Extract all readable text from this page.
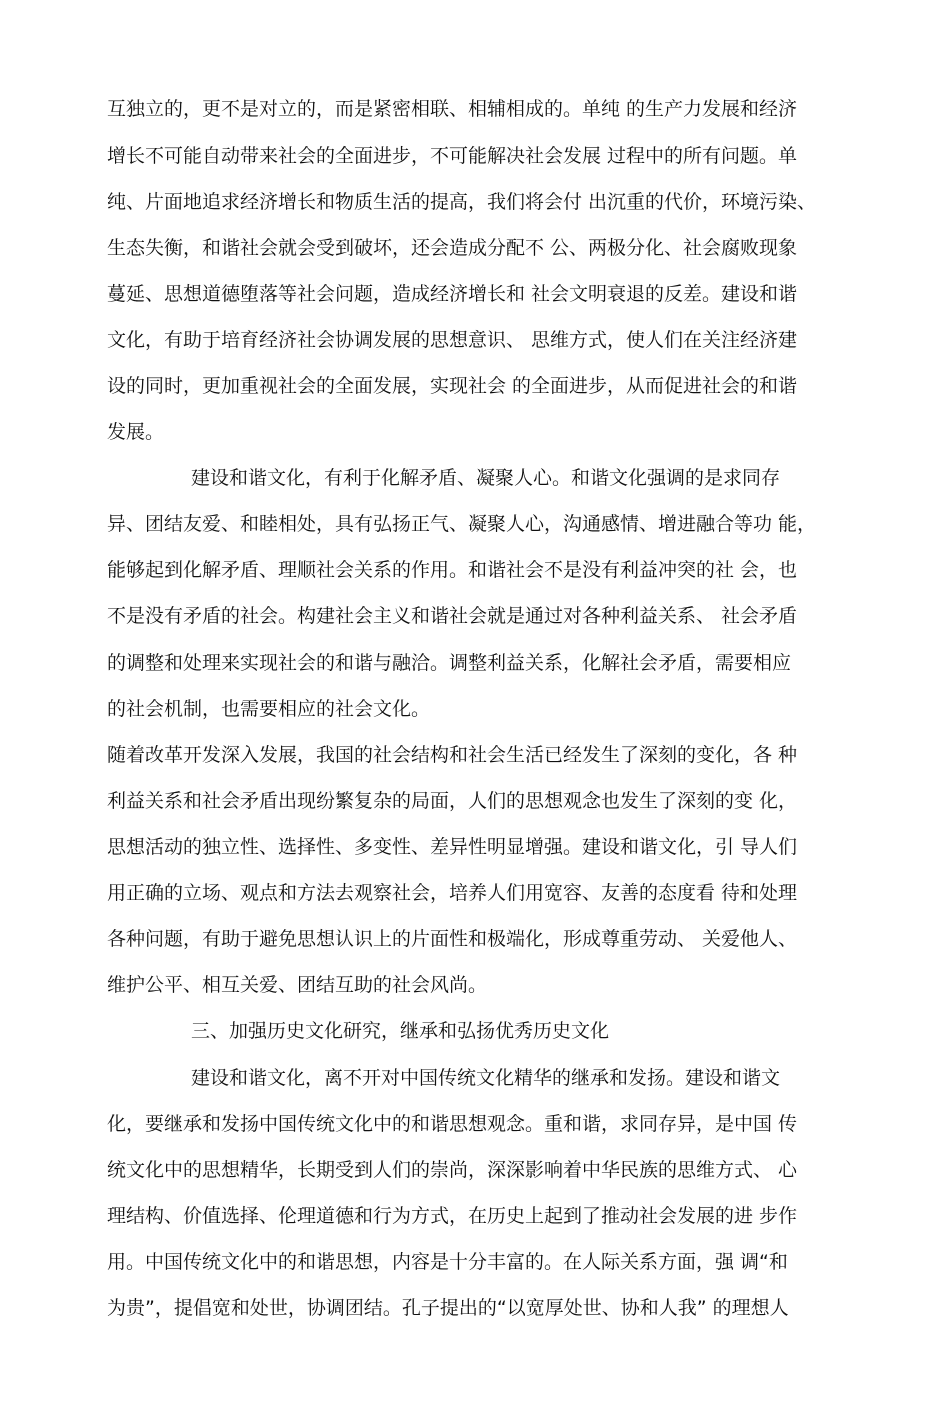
互独立的，更不是对立的，而是紧密相联、相辅相成的。单纯 的生产力发展和经济
增长不可能自动带来社会的全面进步，不可能解决社会发展 过程中的所有问题。单
纯、片面地追求经济增长和物质生活的提高，我们将会付 出沉重的代价，环境污染、
生态失衡，和谐社会就会受到破坏，还会造成分配不 公、两极分化、社会腐败现象
蔓延、思想道德堕落等社会问题，造成经济增长和 社会文明衰退的反差。建设和谐
文化，有助于培育经济社会协调发展的思想意识、 思维方式，使人们在关注经济建
设的同时，更加重视社会的全面发展，实现社会 的全面进步，从而促进社会的和谐
发展。
建设和谐文化，有利于化解矛盾、凝聚人心。和谐文化强调的是求同存
异、团结友爱、和睦相处，具有弘扬正气、凝聚人心，沟通感情、增进融合等功 能，
能够起到化解矛盾、理顺社会关系的作用。和谐社会不是没有利益冲突的社 会，也
不是没有矛盾的社会。构建社会主义和谐社会就是通过对各种利益关系、 社会矛盾
的调整和处理来实现社会的和谐与融洽。调整利益关系，化解社会矛盾，需要相应
的社会机制，也需要相应的社会文化。
随着改革开发深入发展，我国的社会结构和社会生活已经发生了深刻的变化，各 种
利益关系和社会矛盾出现纷繁复杂的局面，人们的思想观念也发生了深刻的变 化，
思想活动的独立性、选择性、多变性、差异性明显增强。建设和谐文化，引 导人们
用正确的立场、观点和方法去观察社会，培养人们用宽容、友善的态度看 待和处理
各种问题，有助于避免思想认识上的片面性和极端化，形成尊重劳动、 关爱他人、
维护公平、相互关爱、团结互助的社会风尚。
三、加强历史文化研究，继承和弘扬优秀历史文化
建设和谐文化，离不开对中国传统文化精华的继承和发扬。建设和谐文
化，要继承和发扬中国传统文化中的和谐思想观念。重和谐，求同存异，是中国 传
统文化中的思想精华，长期受到人们的崇尚，深深影响着中华民族的思维方式、 心
理结构、价值选择、伦理道德和行为方式，在历史上起到了推动社会发展的进 步作
用。中国传统文化中的和谐思想，内容是十分丰富的。在人际关系方面，强 调“和
为贵”，提倡宽和处世，协调团结。孔子提出的“以宽厚处世、协和人我” 的理想人
